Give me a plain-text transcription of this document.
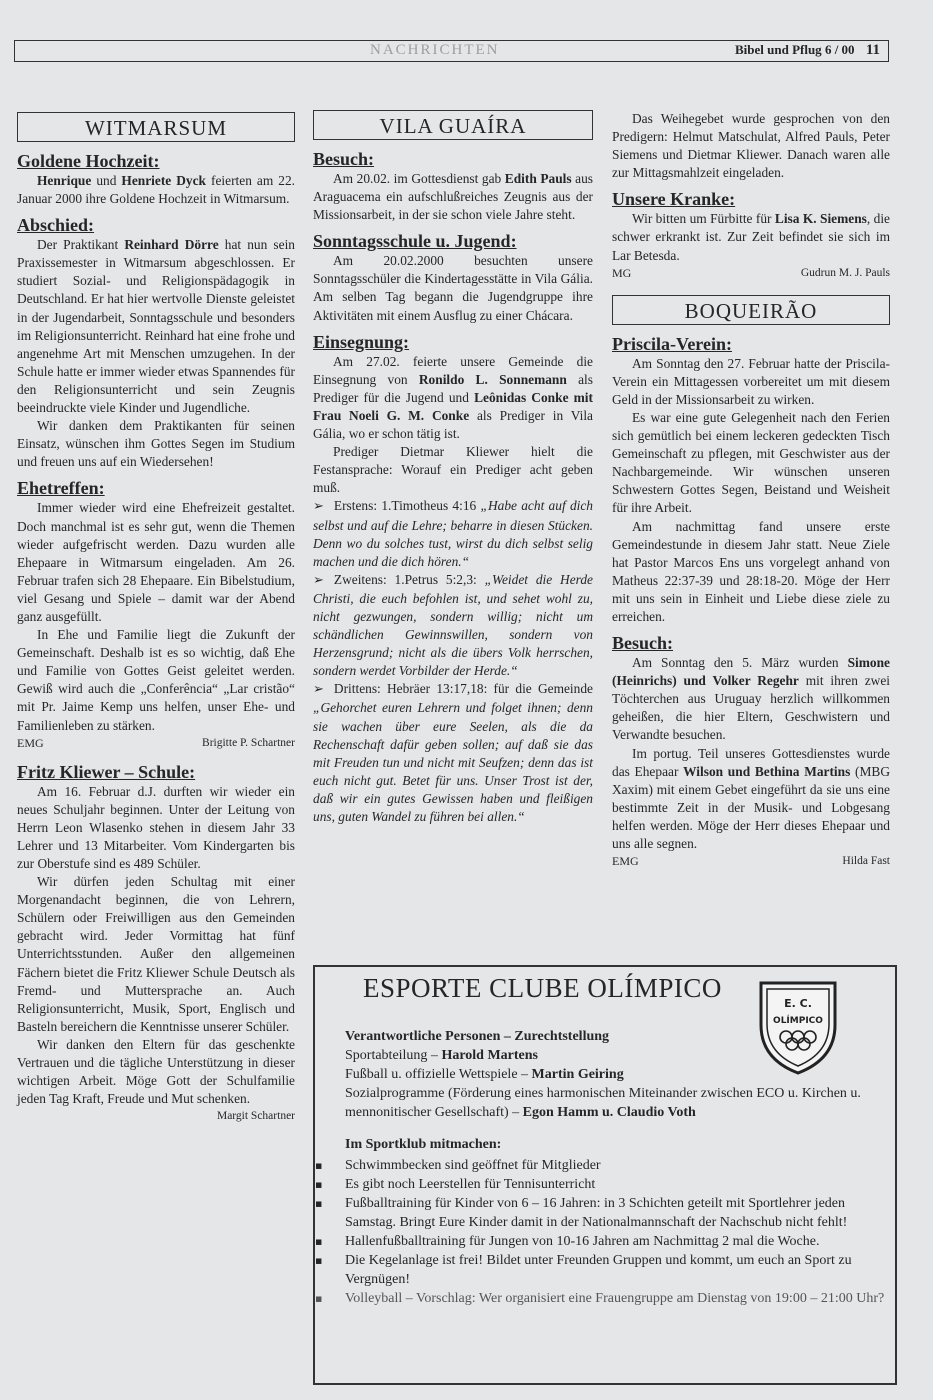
NACHRICHTEN	Bibel und Pflug 6 / 00 11
WITMARSUM
Goldene Hochzeit:

Henrique und Henriete Dyck feierten am 22. Januar 2000 ihre Goldene Hochzeit in Witmarsum.

Abschied:

Der Praktikant Reinhard Dörre hat nun sein Praxissemester in Witmarsum abgeschlossen. Er studiert Sozial- und Religionspädagogik in Deutschland. Er hat hier wertvolle Dienste geleistet in der Jugendarbeit, Sonntagsschule und besonders im Religionsunterricht. Reinhard hat eine frohe und angenehme Art mit Menschen umzugehen. In der Schule hatte er immer wieder etwas Spannendes für den Religionsunterricht und sein Zeugnis beeindruckte viele Kinder und Jugendliche.

Wir danken dem Praktikanten für seinen Einsatz, wünschen ihm Gottes Segen im Studium und freuen uns auf ein Wiedersehen!

Ehetreffen:

Immer wieder wird eine Ehefreizeit gestaltet. Doch manchmal ist es sehr gut, wenn die Themen wieder aufgefrischt werden. Dazu wurden alle Ehepaare in Witmarsum eingeladen. Am 26. Februar trafen sich 28 Ehepaare. Ein Bibelstudium, viel Gesang und Spiele – damit war der Abend ganz ausgefüllt.

In Ehe und Familie liegt die Zukunft der Gemeinschaft. Deshalb ist es so wichtig, daß Ehe und Familie von Gottes Geist geleitet werden. Gewiß wird auch die „Conferência“ „Lar cristão“ mit Pr. Jaime Kemp uns helfen, unser Ehe- und Familienleben zu stärken.

EMG	Brigitte P. Schartner
Fritz Kliewer – Schule:

Am 16. Februar d.J. durften wir wieder ein neues Schuljahr beginnen. Unter der Leitung von Herrn Leon Wlasenko stehen in diesem Jahr 33 Lehrer und 13 Mitarbeiter. Vom Kindergarten bis zur Oberstufe sind es 489 Schüler.

Wir dürfen jeden Schultag mit einer Morgenandacht beginnen, die von Lehrern, Schülern oder Freiwilligen aus den Gemeinden gebracht wird. Jeder Vormittag hat fünf Unterrichtsstunden. Außer den allgemeinen Fächern bietet die Fritz Kliewer Schule Deutsch als Fremd- und Muttersprache an. Auch Religionsunterricht, Musik, Sport, Englisch und Basteln bereichern die Kenntnisse unserer Schüler.

Wir danken den Eltern für das geschenkte Vertrauen und die tägliche Unterstützung in dieser wichtigen Arbeit. Möge Gott der Schulfamilie jeden Tag Kraft, Freude und Mut schenken.

Margit Schartner
VILA GUAÍRA
Besuch:

Am 20.02. im Gottesdienst gab Edith Pauls aus Araguacema ein aufschlußreiches Zeugnis aus der Missionsarbeit, in der sie schon viele Jahre steht.

Sonntagsschule u. Jugend:

Am 20.02.2000 besuchten unsere Sonntagsschüler die Kindertagesstätte in Vila Gália. Am selben Tag begann die Jugendgruppe ihre Aktivitäten mit einem Ausflug zu einer Chácara.

Einsegnung:

Am 27.02. feierte unsere Gemeinde die Einsegnung von Ronildo L. Sonnemann als Prediger für die Jugend und Leônidas Conke mit Frau Noeli G. M. Conke als Prediger in Vila Gália, wo er schon tätig ist.

Prediger Dietmar Kliewer hielt die Festansprache: Worauf ein Prediger acht geben muß.

➢ Erstens: 1.Timotheus 4:16 „Habe acht auf dich selbst und auf die Lehre; beharre in diesen Stücken. Denn wo du solches tust, wirst du dich selbst selig machen und die dich hören.“

➢ Zweitens: 1.Petrus 5:2,3: „Weidet die Herde Christi, die euch befohlen ist, und sehet wohl zu, nicht gezwungen, sondern willig; nicht um schändlichen Gewinnswillen, sondern von Herzensgrund; nicht als die übers Volk herrschen, sondern werdet Vorbilder der Herde.“

➢ Drittens: Hebräer 13:17,18: für die Gemeinde „Gehorchet euren Lehrern und folget ihnen; denn sie wachen über eure Seelen, als die da Rechenschaft dafür geben sollen; auf daß sie das mit Freuden tun und nicht mit Seufzen; denn das ist euch nicht gut. Betet für uns. Unser Trost ist der, daß wir ein gutes Gewissen haben und fleißigen uns, guten Wandel zu führen bei allen.“

Das Weihegebet wurde gesprochen von den Predigern: Helmut Matschulat, Alfred Pauls, Peter Siemens und Dietmar Kliewer. Danach waren alle zur Mittagsmahlzeit eingeladen.

Unsere Kranke:

Wir bitten um Fürbitte für Lisa K. Siemens, die schwer erkrankt ist. Zur Zeit befindet sie sich im Lar Betesda.

MG	Gudrun M. J. Pauls
BOQUEIRÃO
Priscila-Verein:

Am Sonntag den 27. Februar hatte der Priscila-Verein ein Mittagessen vorbereitet um mit diesem Geld in der Missionsarbeit zu wirken.

Es war eine gute Gelegenheit nach den Ferien sich gemütlich bei einem leckeren gedeckten Tisch Gemeinschaft zu pflegen, mit Geschwister aus der Nachbargemeinde. Wir wünschen unseren Schwestern Gottes Segen, Beistand und Weisheit für ihre Arbeit.

Am nachmittag fand unsere erste Gemeindestunde in diesem Jahr statt. Neue Ziele hat Pastor Marcos Ens uns vorgelegt anhand von Matheus 22:37-39 und 28:18-20. Möge der Herr mit uns sein in Einheit und Liebe diese ziele zu erreichen.

Besuch:

Am Sonntag den 5. März wurden Simone (Heinrichs) und Volker Regehr mit ihren zwei Töchterchen aus Uruguay herzlich willkommen geheißen, die hier Eltern, Geschwistern und Verwandte besuchen.

Im portug. Teil unseres Gottesdienstes wurde das Ehepaar Wilson und Bethina Martins (MBG Xaxim) mit einem Gebet eingeführt da sie uns eine bestimmte Zeit in der Musik- und Lobgesang helfen werden. Möge der Herr dieses Ehepaar und uns alle segnen.

EMG	Hilda Fast
ESPORTE CLUBE OLÍMPICO
E. C.
OLÍMPICO

Verantwortliche Personen – Zurechtstellung

Sportabteilung – Harold Martens

Fußball u. offizielle Wettspiele – Martin Geiring

Sozialprogramme (Förderung eines harmonischen Miteinander zwischen ECO u. Kirchen u. mennonitischer Gesellschaft) – Egon Hamm u. Claudio Voth

Im Sportklub mitmachen:

▪ Schwimmbecken sind geöffnet für Mitglieder
▪ Es gibt noch Leerstellen für Tennisunterricht
▪ Fußballtraining für Kinder von 6 – 16 Jahren: in 3 Schichten geteilt mit Sportlehrer jeden Samstag. Bringt Eure Kinder damit in der Nationalmannschaft der Nachschub nicht fehlt!
▪ Hallenfußballtraining für Jungen von 10-16 Jahren am Nachmittag 2 mal die Woche.
▪ Die Kegelanlage ist frei! Bildet unter Freunden Gruppen und kommt, um euch an Sport zu Vergnügen!
▪ Volleyball – Vorschlag: Wer organisiert eine Frauengruppe am Dienstag von 19:00 – 21:00 Uhr?
